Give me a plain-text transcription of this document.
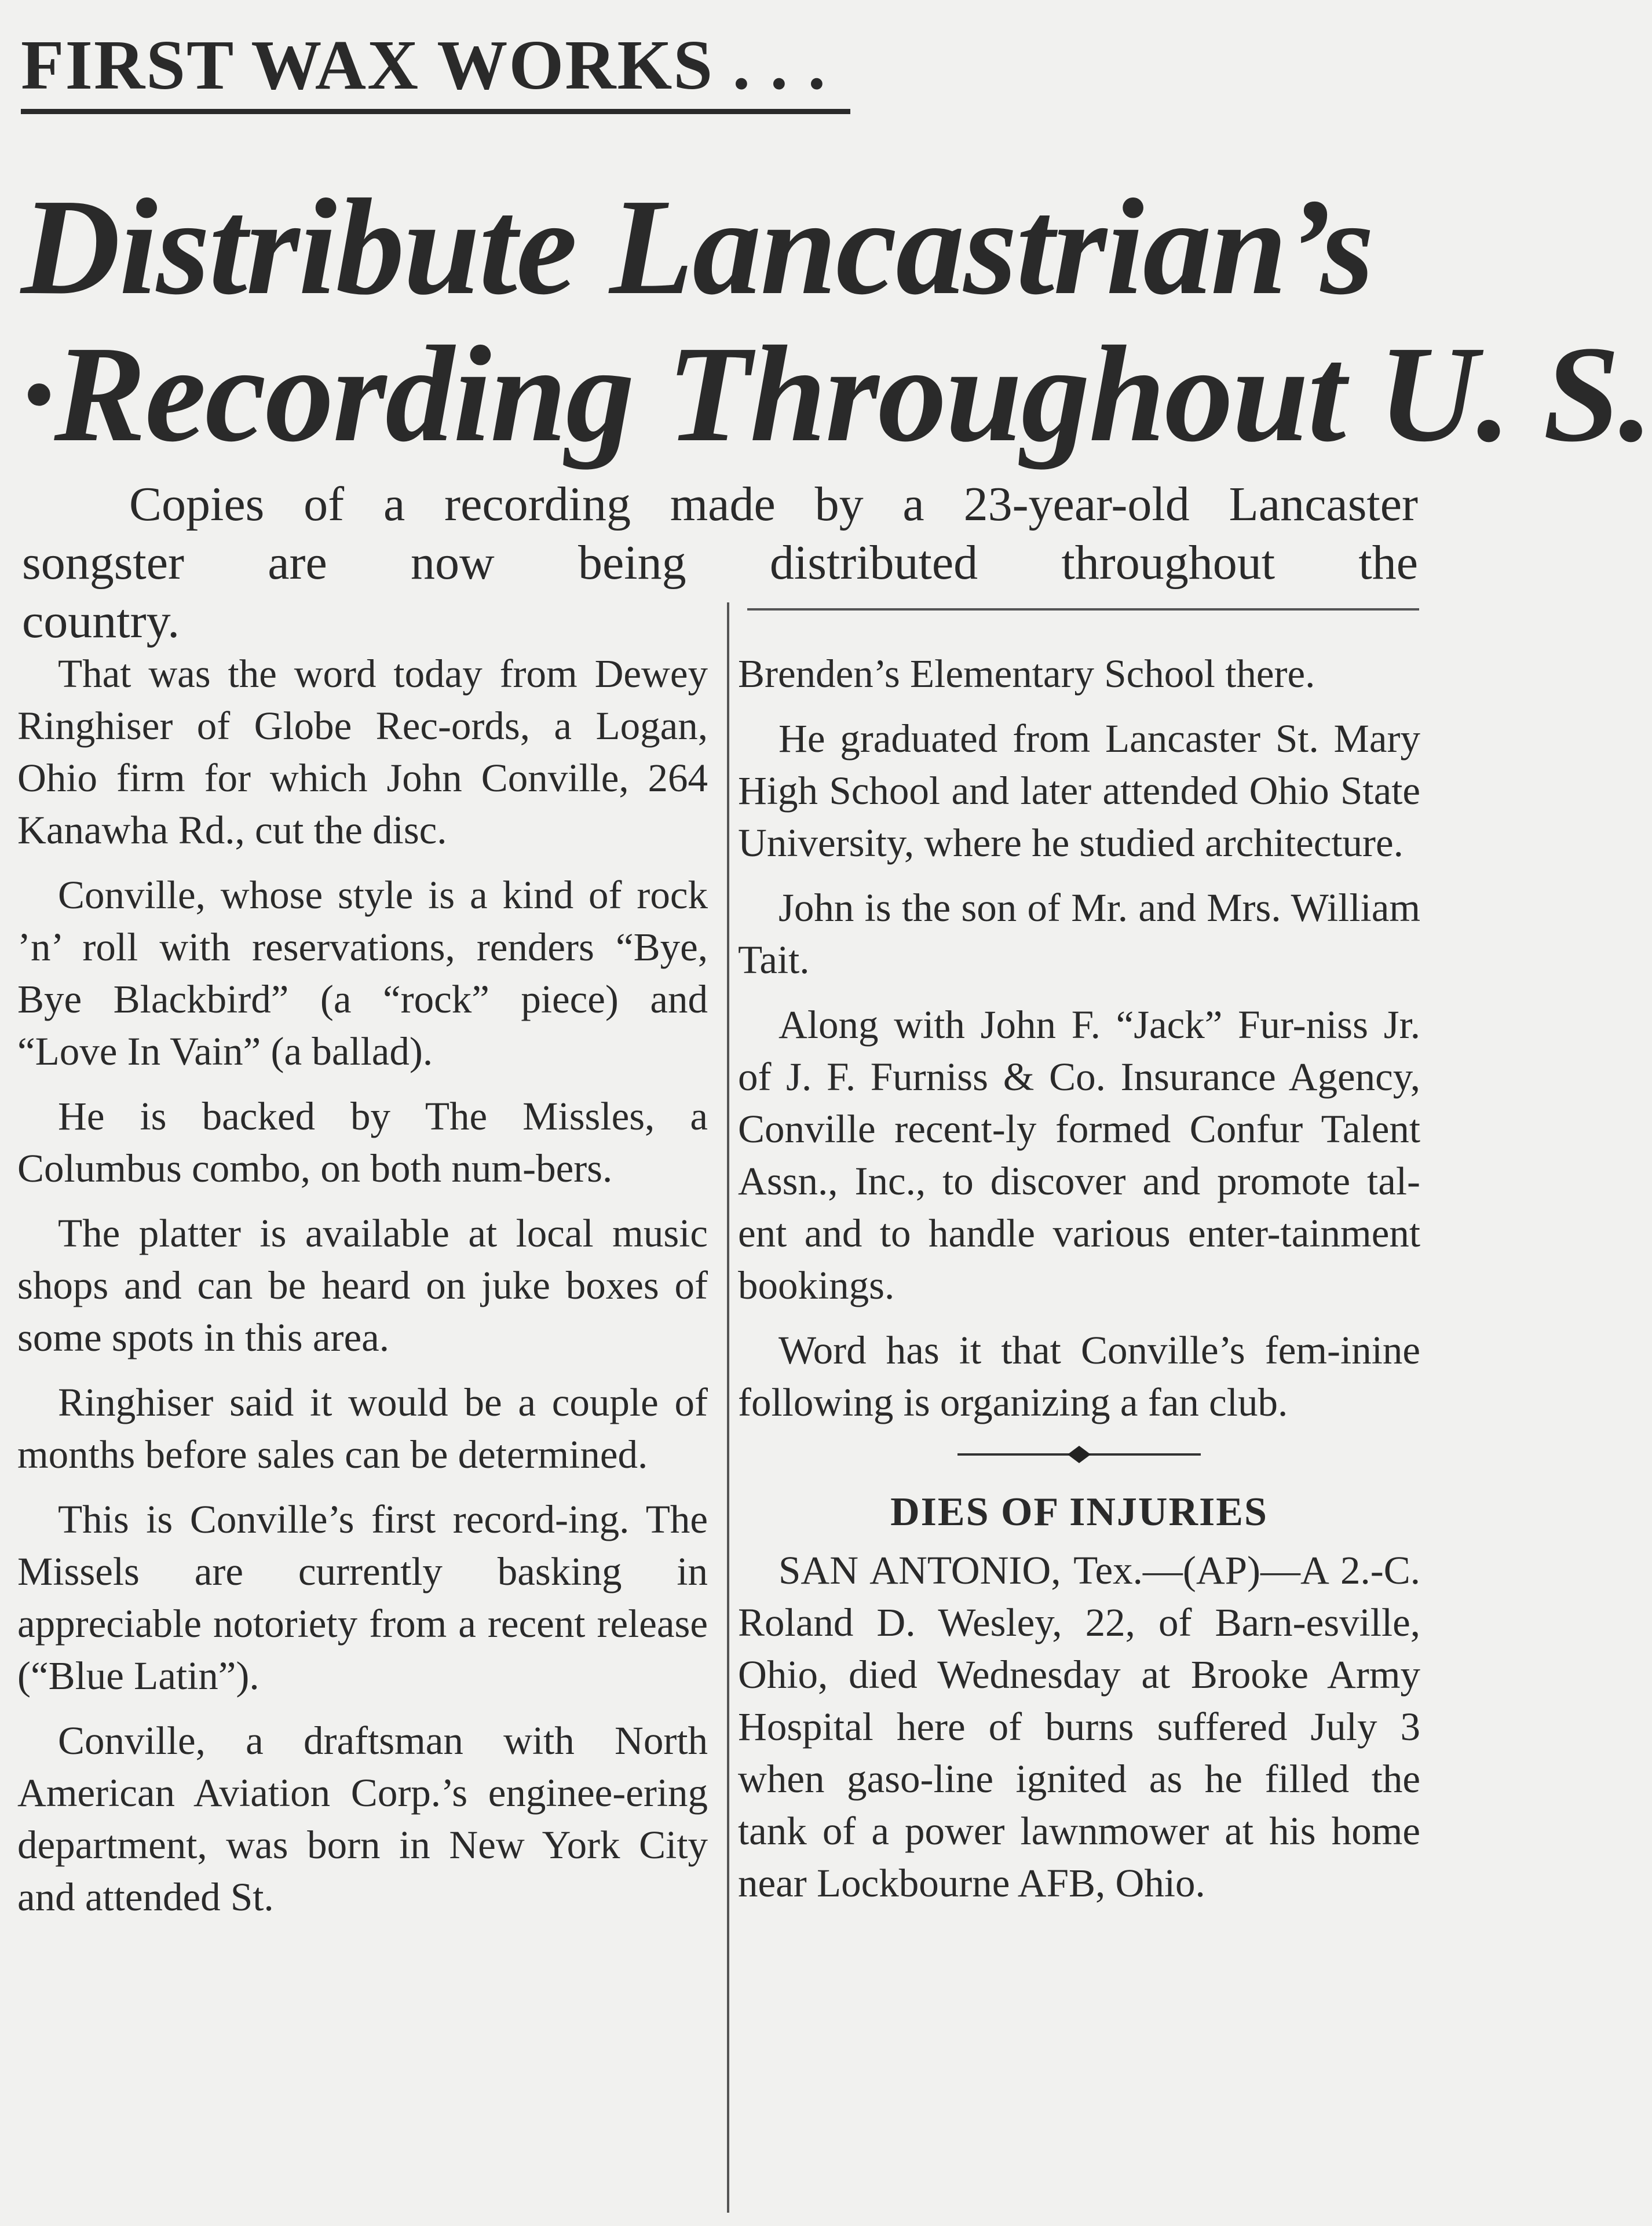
FIRST WAX WORKS . . .
Distribute Lancastrian’s
·Recording Throughout U. S.
Copies of a recording made by a 23-year-old Lancaster
songster are now being distributed throughout the
country.

That was the word today from Dewey Ringhiser of Globe Rec-ords, a Logan, Ohio firm for which John Conville, 264 Kanawha Rd., cut the disc.

Conville, whose style is a kind of rock ’n’ roll with reservations, renders “Bye, Bye Blackbird” (a “rock” piece) and “Love In Vain” (a ballad).

He is backed by The Missles, a Columbus combo, on both num-bers.

The platter is available at local music shops and can be heard on juke boxes of some spots in this area.

Ringhiser said it would be a couple of months before sales can be determined.

This is Conville’s first record-ing. The Missels are currently basking in appreciable notoriety from a recent release (“Blue Latin”).

Conville, a draftsman with North American Aviation Corp.’s enginee-ering department, was born in New York City and attended St.

Brenden’s Elementary School there.

He graduated from Lancaster St. Mary High School and later attended Ohio State University, where he studied architecture.

John is the son of Mr. and Mrs. William Tait.

Along with John F. “Jack” Fur-niss Jr. of J. F. Furniss & Co. Insurance Agency, Conville recent-ly formed Confur Talent Assn., Inc., to discover and promote tal-ent and to handle various enter-tainment bookings.

Word has it that Conville’s fem-inine following is organizing a fan club.

DIES OF INJURIES

SAN ANTONIO, Tex.—(AP)—A 2.-C. Roland D. Wesley, 22, of Barn-esville, Ohio, died Wednesday at Brooke Army Hospital here of burns suffered July 3 when gaso-line ignited as he filled the tank of a power lawnmower at his home near Lockbourne AFB, Ohio.
